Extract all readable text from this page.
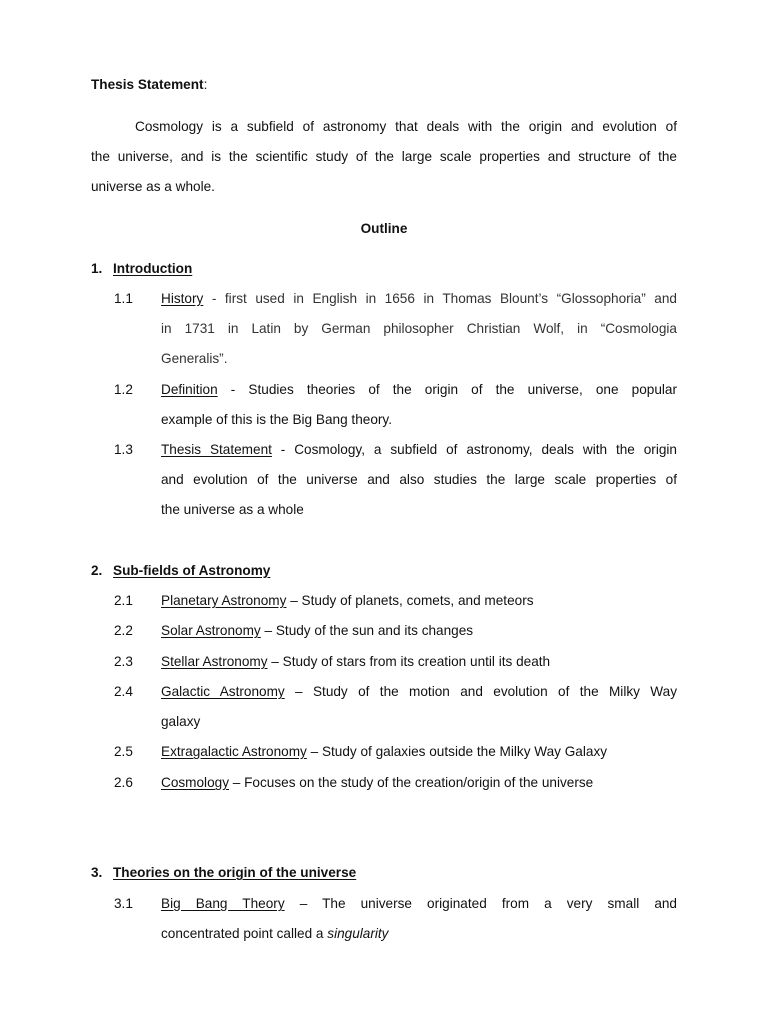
Thesis Statement:
Cosmology is a subfield of astronomy that deals with the origin and evolution of
the universe, and is the scientific study of the large scale properties and structure of the
universe as a whole.
Outline
1. Introduction
1.1 History - first used in English in 1656 in Thomas Blount’s “Glossophoria” and
in 1731 in Latin by German philosopher Christian Wolf, in “Cosmologia
Generalis”.
1.2 Definition - Studies theories of the origin of the universe, one popular
example of this is the Big Bang theory.
1.3 Thesis Statement - Cosmology, a subfield of astronomy, deals with the origin
and evolution of the universe and also studies the large scale properties of
the universe as a whole
2. Sub-fields of Astronomy
2.1 Planetary Astronomy – Study of planets, comets, and meteors
2.2 Solar Astronomy – Study of the sun and its changes
2.3 Stellar Astronomy – Study of stars from its creation until its death
2.4 Galactic Astronomy – Study of the motion and evolution of the Milky Way
galaxy
2.5 Extragalactic Astronomy – Study of galaxies outside the Milky Way Galaxy
2.6 Cosmology – Focuses on the study of the creation/origin of the universe
3. Theories on the origin of the universe
3.1 Big Bang Theory – The universe originated from a very small and
concentrated point called a singularity
